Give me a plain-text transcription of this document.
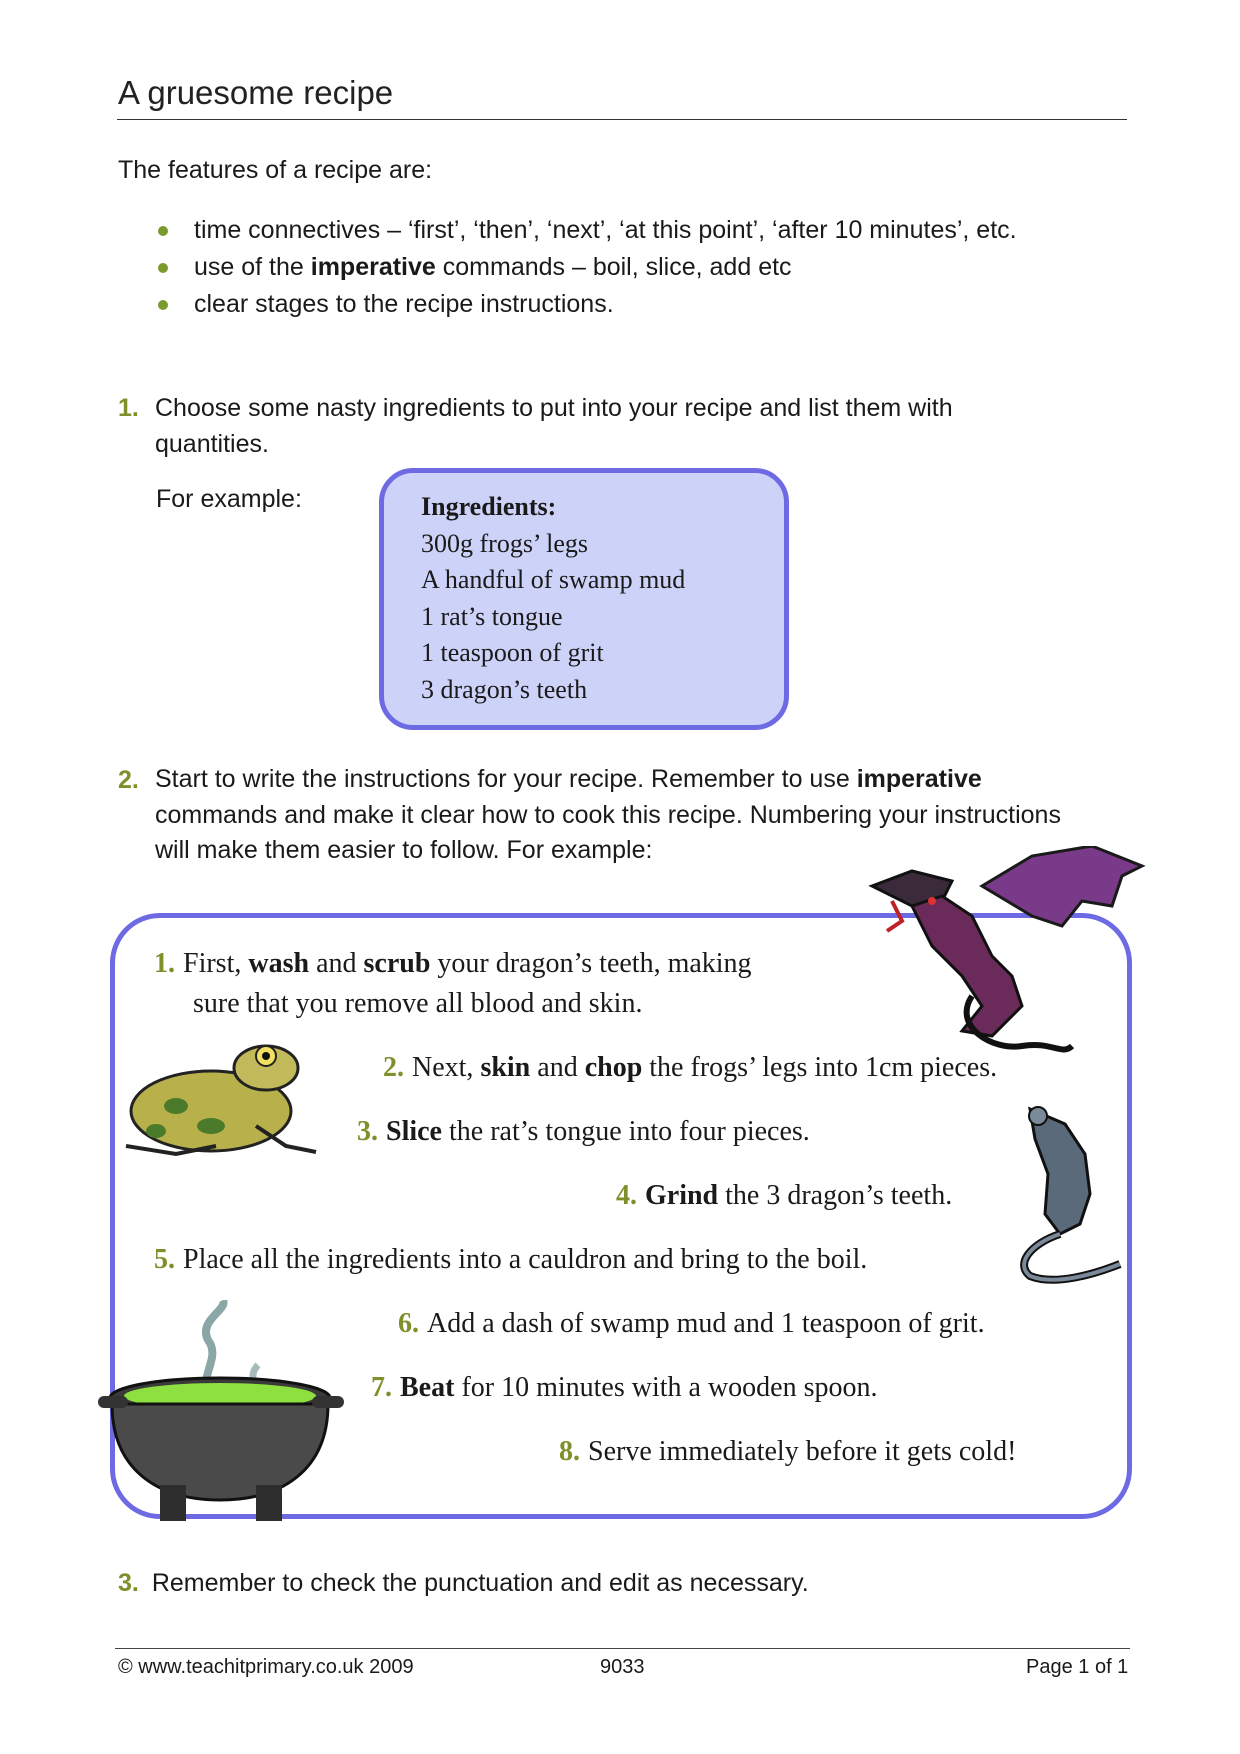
A gruesome recipe
The features of a recipe are:
time connectives – ‘first’, ‘then’, ‘next’, ‘at this point’, ‘after 10 minutes’, etc.
use of the imperative commands – boil, slice, add etc
clear stages to the recipe instructions.
1. Choose some nasty ingredients to put into your recipe and list them with quantities.
For example:	Ingredients:
300g frogs’ legs
A handful of swamp mud
1 rat’s tongue
1 teaspoon of grit
3 dragon’s teeth
2. Start to write the instructions for your recipe. Remember to use imperative commands and make it clear how to cook this recipe. Numbering your instructions will make them easier to follow. For example:
1. First, wash and scrub your dragon’s teeth, making
sure that you remove all blood and skin.
2. Next, skin and chop the frogs’ legs into 1cm pieces.
3. Slice the rat’s tongue into four pieces.
4. Grind the 3 dragon’s teeth.
5. Place all the ingredients into a cauldron and bring to the boil.
6. Add a dash of swamp mud and 1 teaspoon of grit.
7. Beat for 10 minutes with a wooden spoon.
8. Serve immediately before it gets cold!
3. Remember to check the punctuation and edit as necessary.
© www.teachitprimary.co.uk 2009	9033	Page 1 of 1
